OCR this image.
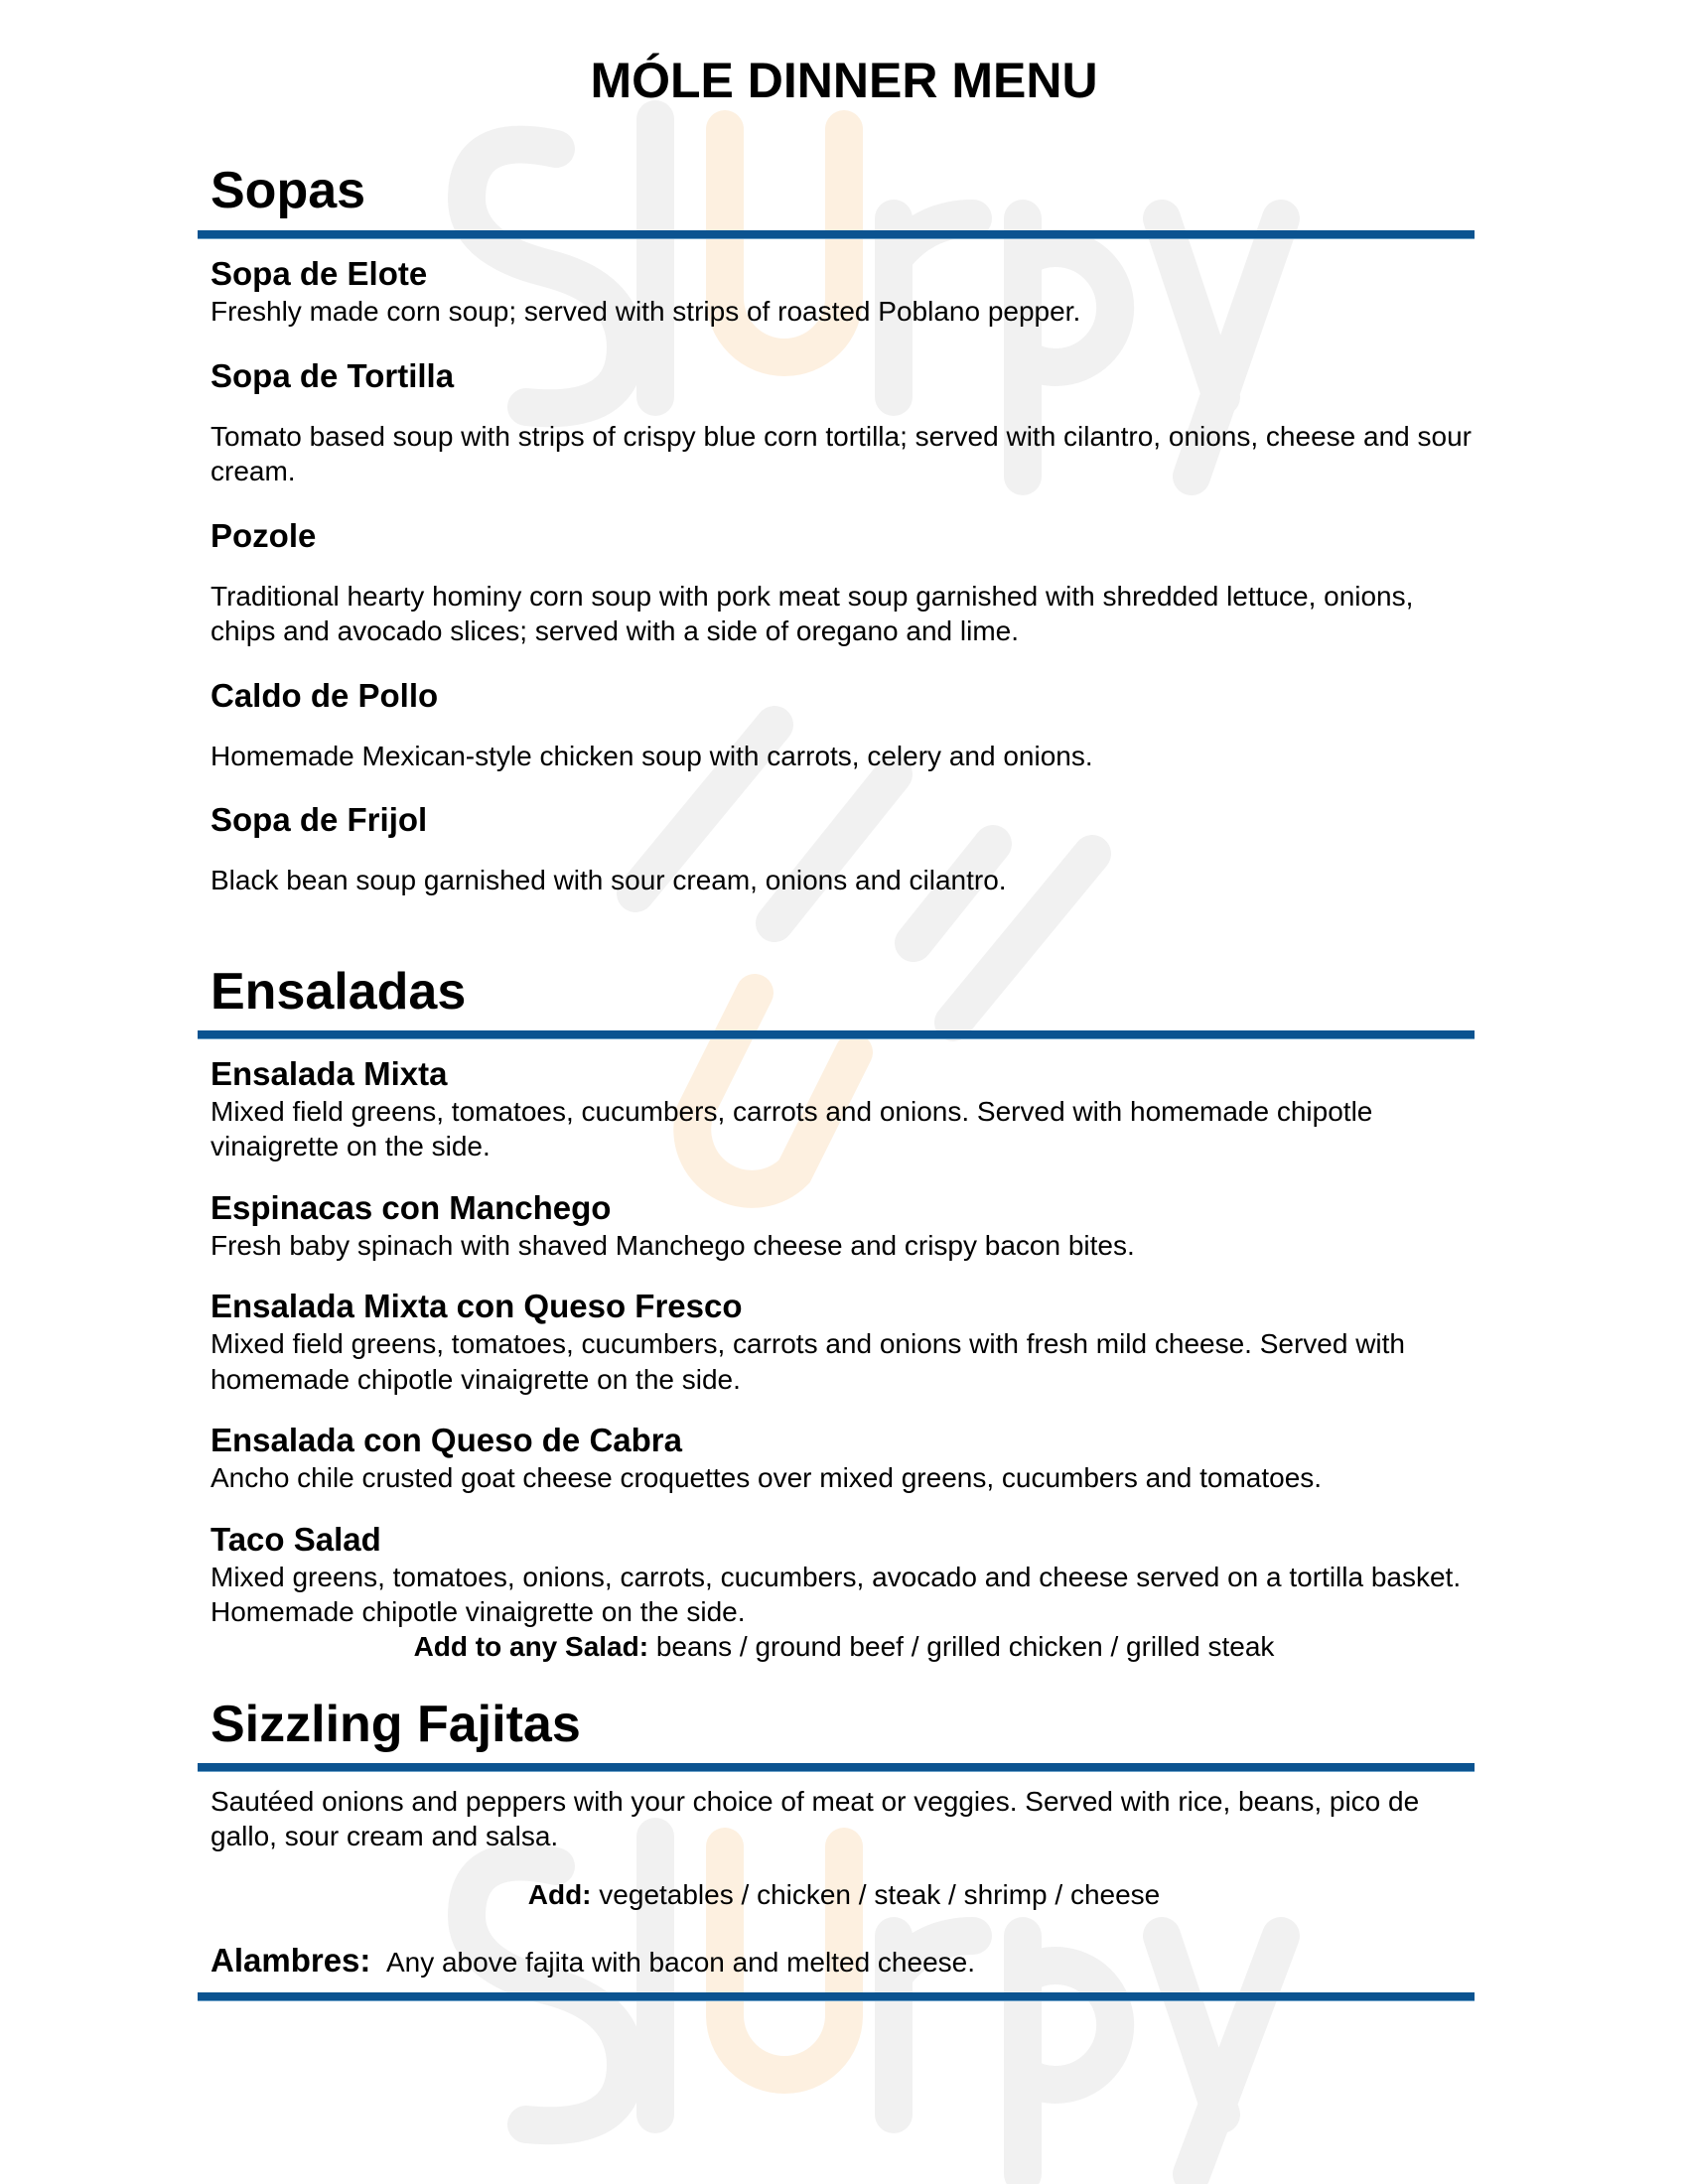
MÓLE DINNER MENU
Sopas
Sopa de Elote
Freshly made corn soup; served with strips of roasted Poblano pepper.
Sopa de Tortilla
Tomato based soup with strips of crispy blue corn tortilla; served with cilantro, onions, cheese and sour cream.
Pozole
Traditional hearty hominy corn soup with pork meat soup garnished with shredded lettuce, onions, chips and avocado slices; served with a side of oregano and lime.
Caldo de Pollo
Homemade Mexican-style chicken soup with carrots, celery and onions.
Sopa de Frijol
Black bean soup garnished with sour cream, onions and cilantro.
Ensaladas
Ensalada Mixta
Mixed field greens, tomatoes, cucumbers, carrots and onions. Served with homemade chipotle vinaigrette on the side.
Espinacas con Manchego
Fresh baby spinach with shaved Manchego cheese and crispy bacon bites.
Ensalada Mixta con Queso Fresco
Mixed field greens, tomatoes, cucumbers, carrots and onions with fresh mild cheese. Served with homemade chipotle vinaigrette on the side.
Ensalada con Queso de Cabra
Ancho chile crusted goat cheese croquettes over mixed greens, cucumbers and tomatoes.
Taco Salad
Mixed greens, tomatoes, onions, carrots, cucumbers, avocado and cheese served on a tortilla basket. Homemade chipotle vinaigrette on the side.
Add to any Salad: beans / ground beef / grilled chicken / grilled steak
Sizzling Fajitas
Sautéed onions and peppers with your choice of meat or veggies. Served with rice, beans, pico de gallo, sour cream and salsa.
Add: vegetables / chicken / steak / shrimp / cheese
Alambres: Any above fajita with bacon and melted cheese.
